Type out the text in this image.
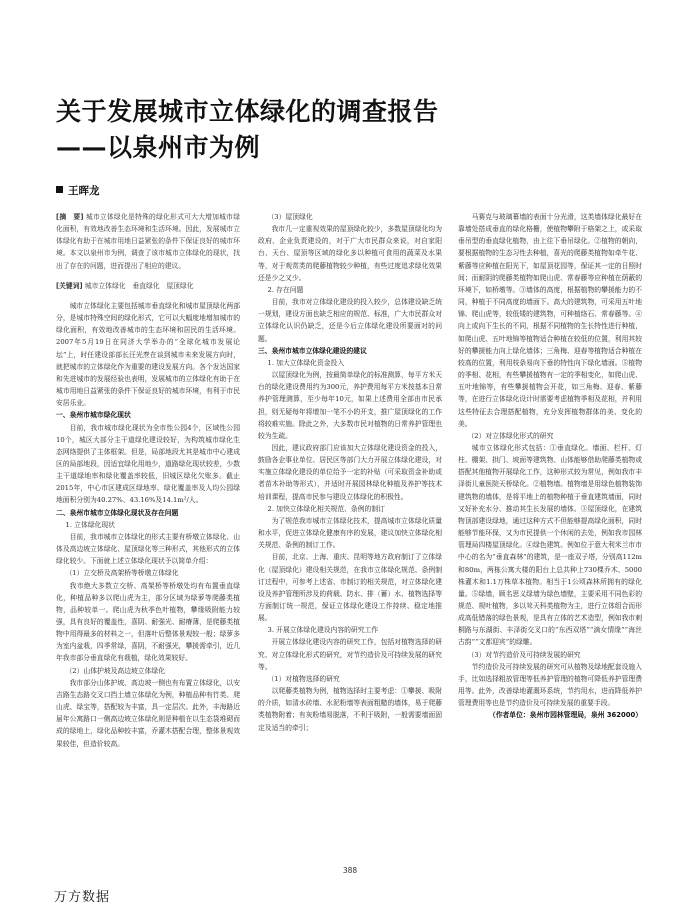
关于发展城市立体绿化的调查报告
——以泉州市为例
王晖龙

[摘　要] 城市立体绿化是特殊的绿化形式可大大增加城市绿化面积，有效地改善生态环境和生活环境。因此，发展城市立体绿化有助于在城市用地日益紧张的条件下保证良好的城市环境。本文以泉州市为例，调查了该市城市立体绿化的现状，找出了存在的问题，进而提出了相应的建议。

[关键词] 城市立体绿化　垂直绿化　屋顶绿化

城市立体绿化主要包括城市垂直绿化和城市屋顶绿化两部分，是城市特殊空间的绿化形式，它可以大幅度地增加城市的绿化面积，有效地改善城市的生态环境和居民的生活环境。2007年5月19日在同济大学举办的“全球化城市发展论坛”上，时任建设部部长汪光焘在谈到城市未来发展方向时，就把城市的立体绿化作为重要的建设发展方向。各个发达国家和先进城市的发展经验也表明，发展城市的立体绿化有助于在城市用地日益紧张的条件下保证良好的城市环境，有利于市民安居乐业。

一、泉州市城市绿化现状

目前，我市城市绿化现状为全市性公园4个，区域性公园10个，城区大部分主干道绿化建设较好，为构筑城市绿化生态网络提供了主体框架。但是，局部地段尤其是城市中心建成区的局部地段，因适宜绿化用地少，道路绿化现状较差，少数主干道绿地率和绿化覆盖率较低，旧城区绿化欠账多。截止2015年，中心市区建成区绿地率、绿化覆盖率及人均公园绿地面积分别为40.27%、43.16%及14.1m²/人。

二、泉州市城市立体绿化现状及存在问题

1. 立体绿化现状

目前，我市城市立体绿化的形式主要有桥墩立体绿化、山体及高边坡立体绿化、屋顶绿化等三种形式，其他形式的立体绿化较少。下面就上述立体绿化现状予以简单介绍：

（1）立交桥及高架桥等桥墩立体绿化

我市绝大多数立交桥、高架桥等桥墩处均有布置垂直绿化，种植品种多以爬山虎为主，部分区域为绿萝等爬藤类植物，品种较单一。爬山虎为秋季色叶植物，攀缘吸附能力较强，具有良好的覆盖性，喜阴、耐强光、耐瘠薄，是爬藤类植物中用得最多的材料之一，但落叶后整体景观较一般；绿萝多为室内盆栽，四季常绿，喜阴，不耐强光，攀援需牵引，近几年我市部分垂直绿化有栽植，绿化效果较好。

（2）山体护坡及高边坡立体绿化

我市部分山体护坡、高边坡一侧也有布置立体绿化，以安吉路生态路交叉口挡土墙立体绿化为例，种植品种有竹类、爬山虎、绿宝等，搭配较为丰富，具一定层次。此外，丰海路近届年公寓路口一侧高边坡立体绿化则是种植在以生态袋堆砌而成的绿地上，绿化品种较丰富，乔灌木搭配合理，整体景观效果较佳，但造价较高。

（3）屋顶绿化

我市几一定重视效果的屋顶绿化较少，多数屋顶绿化均为政府、企业负责建设的，对于广大市民群众来说，对自家阳台、天台、屋顶等区域的绿化多以种植可食用的蔬菜及水果等，对于观赏类的爬藤植物较少种植，有些过度追求绿化效果还是少之又少。

2. 存在问题

目前，我市对立体绿化建设的投入较少，总体建设缺乏统一规划，建设方面也缺乏相应的规范、标准，广大市民群众对立体绿化认识仍缺乏，还是今后立体绿化建设所要面对的问题。

三、泉州市城市立体绿化建设的建议

1. 加大立体绿化资金投入

以屋顶绿化为例，按最简单绿化的标准测算，每平方米天台的绿化建设费用约为300元，养护费用每平方米按基本日常养护管理测算，至少每年10元，如果上述费用全部由市民承担，则无疑每年将增加一笔不小的开支，推广屋顶绿化的工作将较难实施。除此之外，大多数市民对植物的日常养护管理也较为生疏。

因此，建议政府部门应该加大立体绿化建设资金的投入，鼓励各企事业单位、居民区等部门大力开展立体绿化建设，对实施立体绿化建设的单位给予一定的补贴（可采取资金补助或者苗木补助等形式），并适时开展园林绿化种植及养护等技术培训课程，提高市民参与建设立体绿化的积极性。

2. 加快立体绿化相关规范、条例的制订

为了规范我市城市立体绿化技术，提高城市立体绿化质量和水平，促进立体绿化健康有序的发展，建议加快立体绿化相关规范、条例的制订工作。

目前，北京、上海、重庆、昆明等地方政府制订了立体绿化（屋顶绿化）建设相关规范，在我市立体绿化规范、条例制订过程中，可参考上述省、市制订的相关规范，对立体绿化建设及养护管理所涉及的荷载、防水、排（蓄）水、植物选择等方面制订统一规范，保证立体绿化建设工作持续、稳定地推展。

3. 开展立体绿化建设内容的研究工作

开展立体绿化建设内容的研究工作，包括对植物选择的研究、对立体绿化形式的研究，对节约造价及可持续发展的研究等。

（1）对植物选择的研究

以爬藤类植物为例，植物选择时主要考虑：①攀援、吸附的介质，如清水砖墙、水泥粉墙等表面粗糙的墙体，易于爬藤类植物附着；有灰粉墙易脱落，不利于吸附，一般需要墙面固定及适当的牵引；

马赛克与玻璃幕墙的表面十分光滑，这类墙体绿化最好在靠墙处搭成垂直的绿化格栅，使植物攀附于格架之上，或采取垂吊型的垂直绿化植物，由上往下垂吊绿化。②植物的朝向，要根据植物的生态习性去种植，喜光的爬藤类植物如牵牛花、紫藤等应种植在阳光下，如屋顶花园等，保证其一定的日照时间；而耐阴的爬藤类植物如爬山虎、常春藤等应种植在荫蔽的环境下，如桥墩等。③墙体的高度，根据植物的攀援能力的不同，种植于不同高度的墙面下。高大的建筑物，可采用五叶地锦、爬山虎等，较低矮的建筑物，可种植络石、常春藤等。④向上或向下生长的不同，根据不同植物的生长特性进行种植，如爬山虎、五叶地锦等植物适合种植在较低的位置，利用其较好的攀援能力向上绿化墙体；三角梅、迎春等植物适合种植在较高的位置，利用枝条易向下垂的特性向下绿化墙面。⑤植物的季相、花相，有些攀援植物有一定的季相变化，如爬山虎、五叶地锦等，有些攀援植物会开花，如三角梅、迎春、紫藤等，在进行立体绿化设计时需要考虑植物季相及花相，并利用这些特征去合理搭配植物，充分发挥植物群体的美、变化的美。

（2）对立体绿化形式的研究

城市立体绿化形式包括：①垂直绿化。墙面、栏杆、灯柱、棚架、拱门、坡面等建筑物、山体能够借助爬藤类植物或搭配其他植物开展绿化工作，这种形式较为常见，例如我市丰泽街儿童医院天桥绿化。②植物墙。植物墙是用绿色植物装饰建筑物的墙体，是将平地上的植物种植于垂直建筑墙面，同时又好补充水分、推动其生长发展的墙体。③屋顶绿化，在建筑物顶部建设绿地，通过这种方式不但能够提高绿化面积，同时能够节能环保，又为市民提供一个休闲的去处，例如我市园林管理局四楼屋顶绿化。④绿色建筑。例如位于意大利米兰市市中心的名为“垂直森林”的建筑，是一座双子塔，分别高112m和80m，两栋公寓大楼的阳台上总共种上730棵乔木、5000株灌木和1.1万株草本植物。相当于1公顷森林所拥有的绿化量。⑤绿墙，顾名思义绿墙为绿色墙壁，主要采用不同色彩的规范、规叶植物，多以耸天科类植物为主，进行立体组合而形成高低错落的绿色景观，是具有立体的艺术造型，例如我市刺桐路与东湖街、丰泽街交叉口的“东西双塔”“滴女情缘”“海丝古韵”“文都迎宾”的绿雕。

（3）对节约造价及可持续发展的研究

节约造价及可持续发展的研究可从植物及绿地配套设施入手，比如选择粗放管理等低养护管理的植物可降低养护管理费用等。此外，改善绿地灌溉环系统，节约用水，进而降低养护管理费用等也是节约造价及可持续发展的重要手段。

（作者单位：泉州市园林管理局，泉州 362000）

388
万方数据
